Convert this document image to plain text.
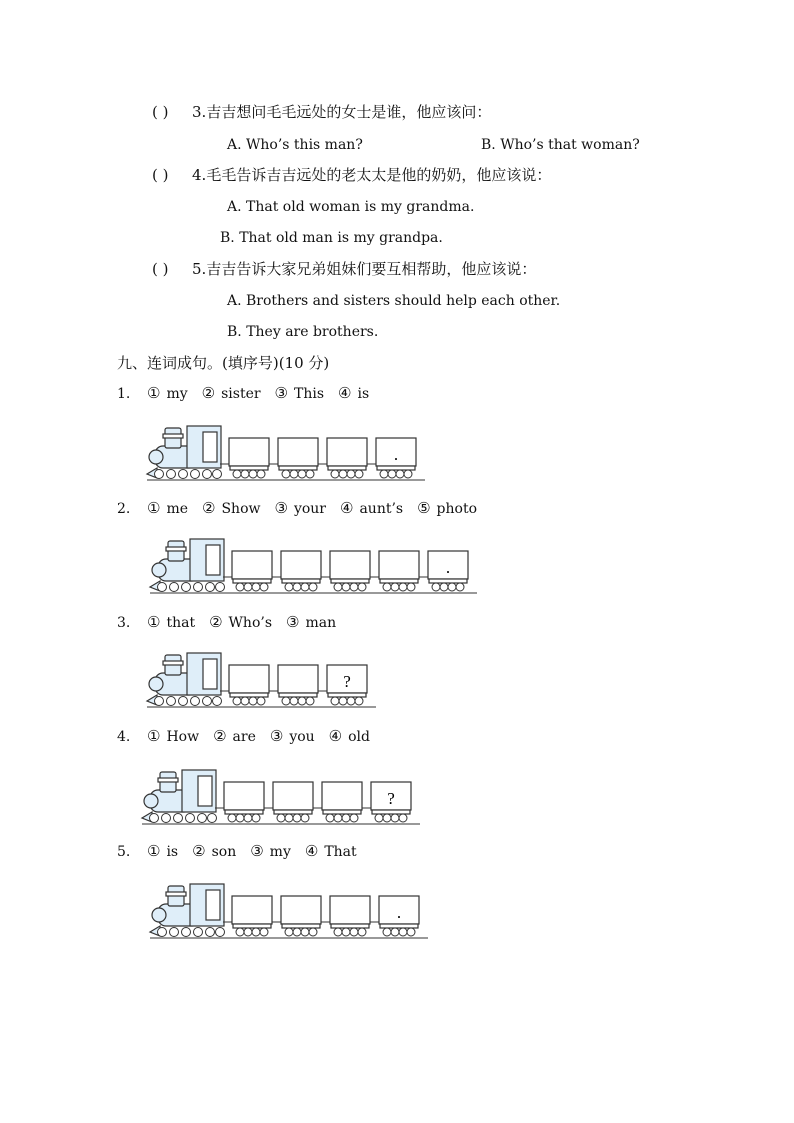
( ) 3.吉吉想问毛毛远处的女士是谁，他应该问：
A. Who’s this man?	B. Who’s that woman?
( ) 4.毛毛告诉吉吉远处的老太太是他的奶奶，他应该说：
A. That old woman is my grandma.
B. That old man is my grandpa.
( ) 5.吉吉告诉大家兄弟姐妹们要互相帮助，他应该说：
A. Brothers and sisters should help each other.
B. They are brothers.
九、连词成句。(填序号)(10 分)
1. ① my ② sister ③ This ④ is
.
2. ① me ② Show ③ your ④ aunt’s ⑤ photo
.
3. ① that ② Who’s ③ man
?
4. ① How ② are ③ you ④ old
?
5. ① is ② son ③ my ④ That
.
